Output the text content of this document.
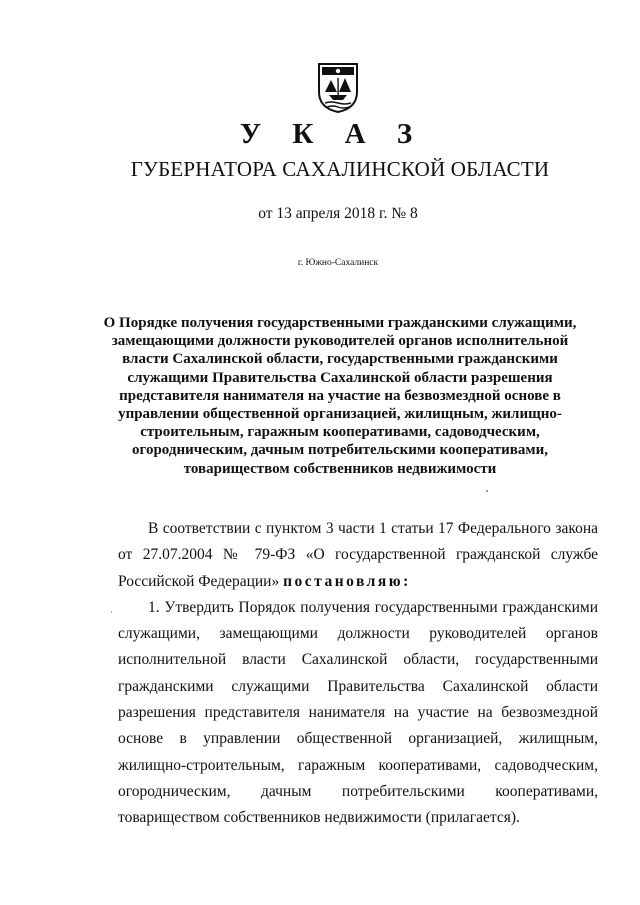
У К А З
ГУБЕРНАТОРА САХАЛИНСКОЙ ОБЛАСТИ
от 13 апреля 2018 г. № 8
г. Южно-Сахалинск
О Порядке получения государственными гражданскими служащими, замещающими должности руководителей органов исполнительной власти Сахалинской области, государственными гражданскими служащими Правительства Сахалинской области разрешения представителя нанимателя на участие на безвозмездной основе в управлении общественной организацией, жилищным, жилищно-строительным, гаражным кооперативами, садоводческим, огородническим, дачным потребительскими кооперативами, товариществом собственников недвижимости

В соответствии с пунктом 3 части 1 статьи 17 Федерального закона от 27.07.2004 № 79-ФЗ «О государственной гражданской службе Российской Федерации» постановляю:

1. Утвердить Порядок получения государственными гражданскими служащими, замещающими должности руководителей органов исполнительной власти Сахалинской области, государственными гражданскими служащими Правительства Сахалинской области разрешения представителя нанимателя на участие на безвозмездной основе в управлении общественной организацией, жилищным, жилищно-строительным, гаражным кооперативами, садоводческим, огородническим, дачным потребительскими кооперативами, товариществом собственников недвижимости (прилагается).

·
